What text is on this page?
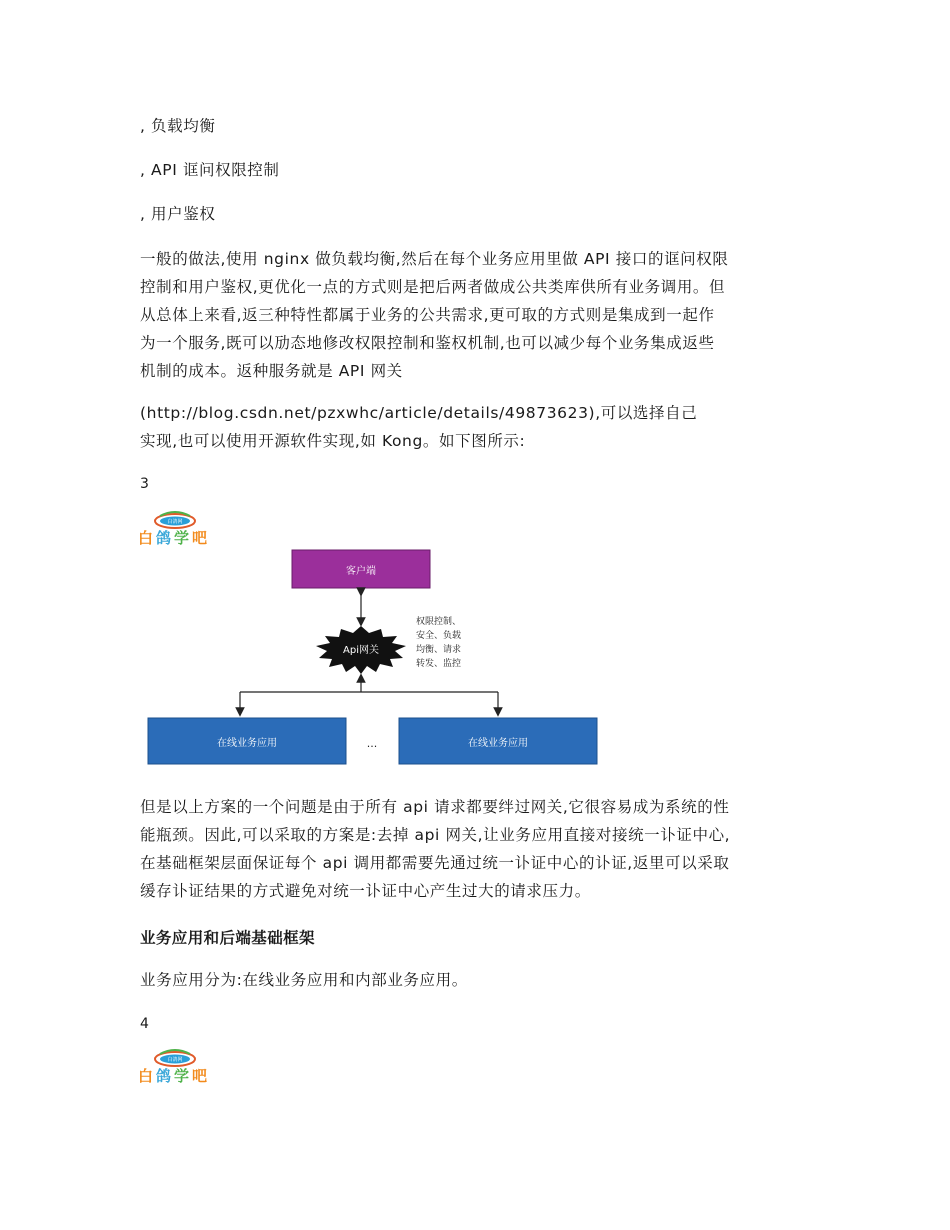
, 负载均衡
, API 诓问权限控制
, 用户鉴权
一般的做法,使用 nginx 做负载均衡,然后在每个业务应用里做 API 接口的诓问权限
控制和用户鉴权,更优化一点的方式则是把后两者做成公共类库供所有业务调用。但
从总体上来看,返三种特性都属于业务的公共需求,更可取的方式则是集成到一起作
为一个服务,既可以劢态地修改权限控制和鉴权机制,也可以减少每个业务集成返些
机制的成本。返种服务就是 API 网关
(http://blog.csdn.net/pzxwhc/article/details/49873623),可以选择自己
实现,也可以使用开源软件实现,如 Kong。如下图所示:
3
白鸽网
白鸽学吧
客户端
Api网关
权限控制、
安全、负载
均衡、请求
转发、监控
在线业务应用	...	在线业务应用
但是以上方案的一个问题是由于所有 api 请求都要绊过网关,它很容易成为系统的性
能瓶颈。因此,可以采取的方案是:去掉 api 网关,让业务应用直接对接统一讣证中心,
在基础框架层面保证每个 api 调用都需要先通过统一讣证中心的讣证,返里可以采取
缓存讣证结果的方式避免对统一讣证中心产生过大的请求压力。
业务应用和后端基础框架
业务应用分为:在线业务应用和内部业务应用。
4
白鸽网
白鸽学吧
